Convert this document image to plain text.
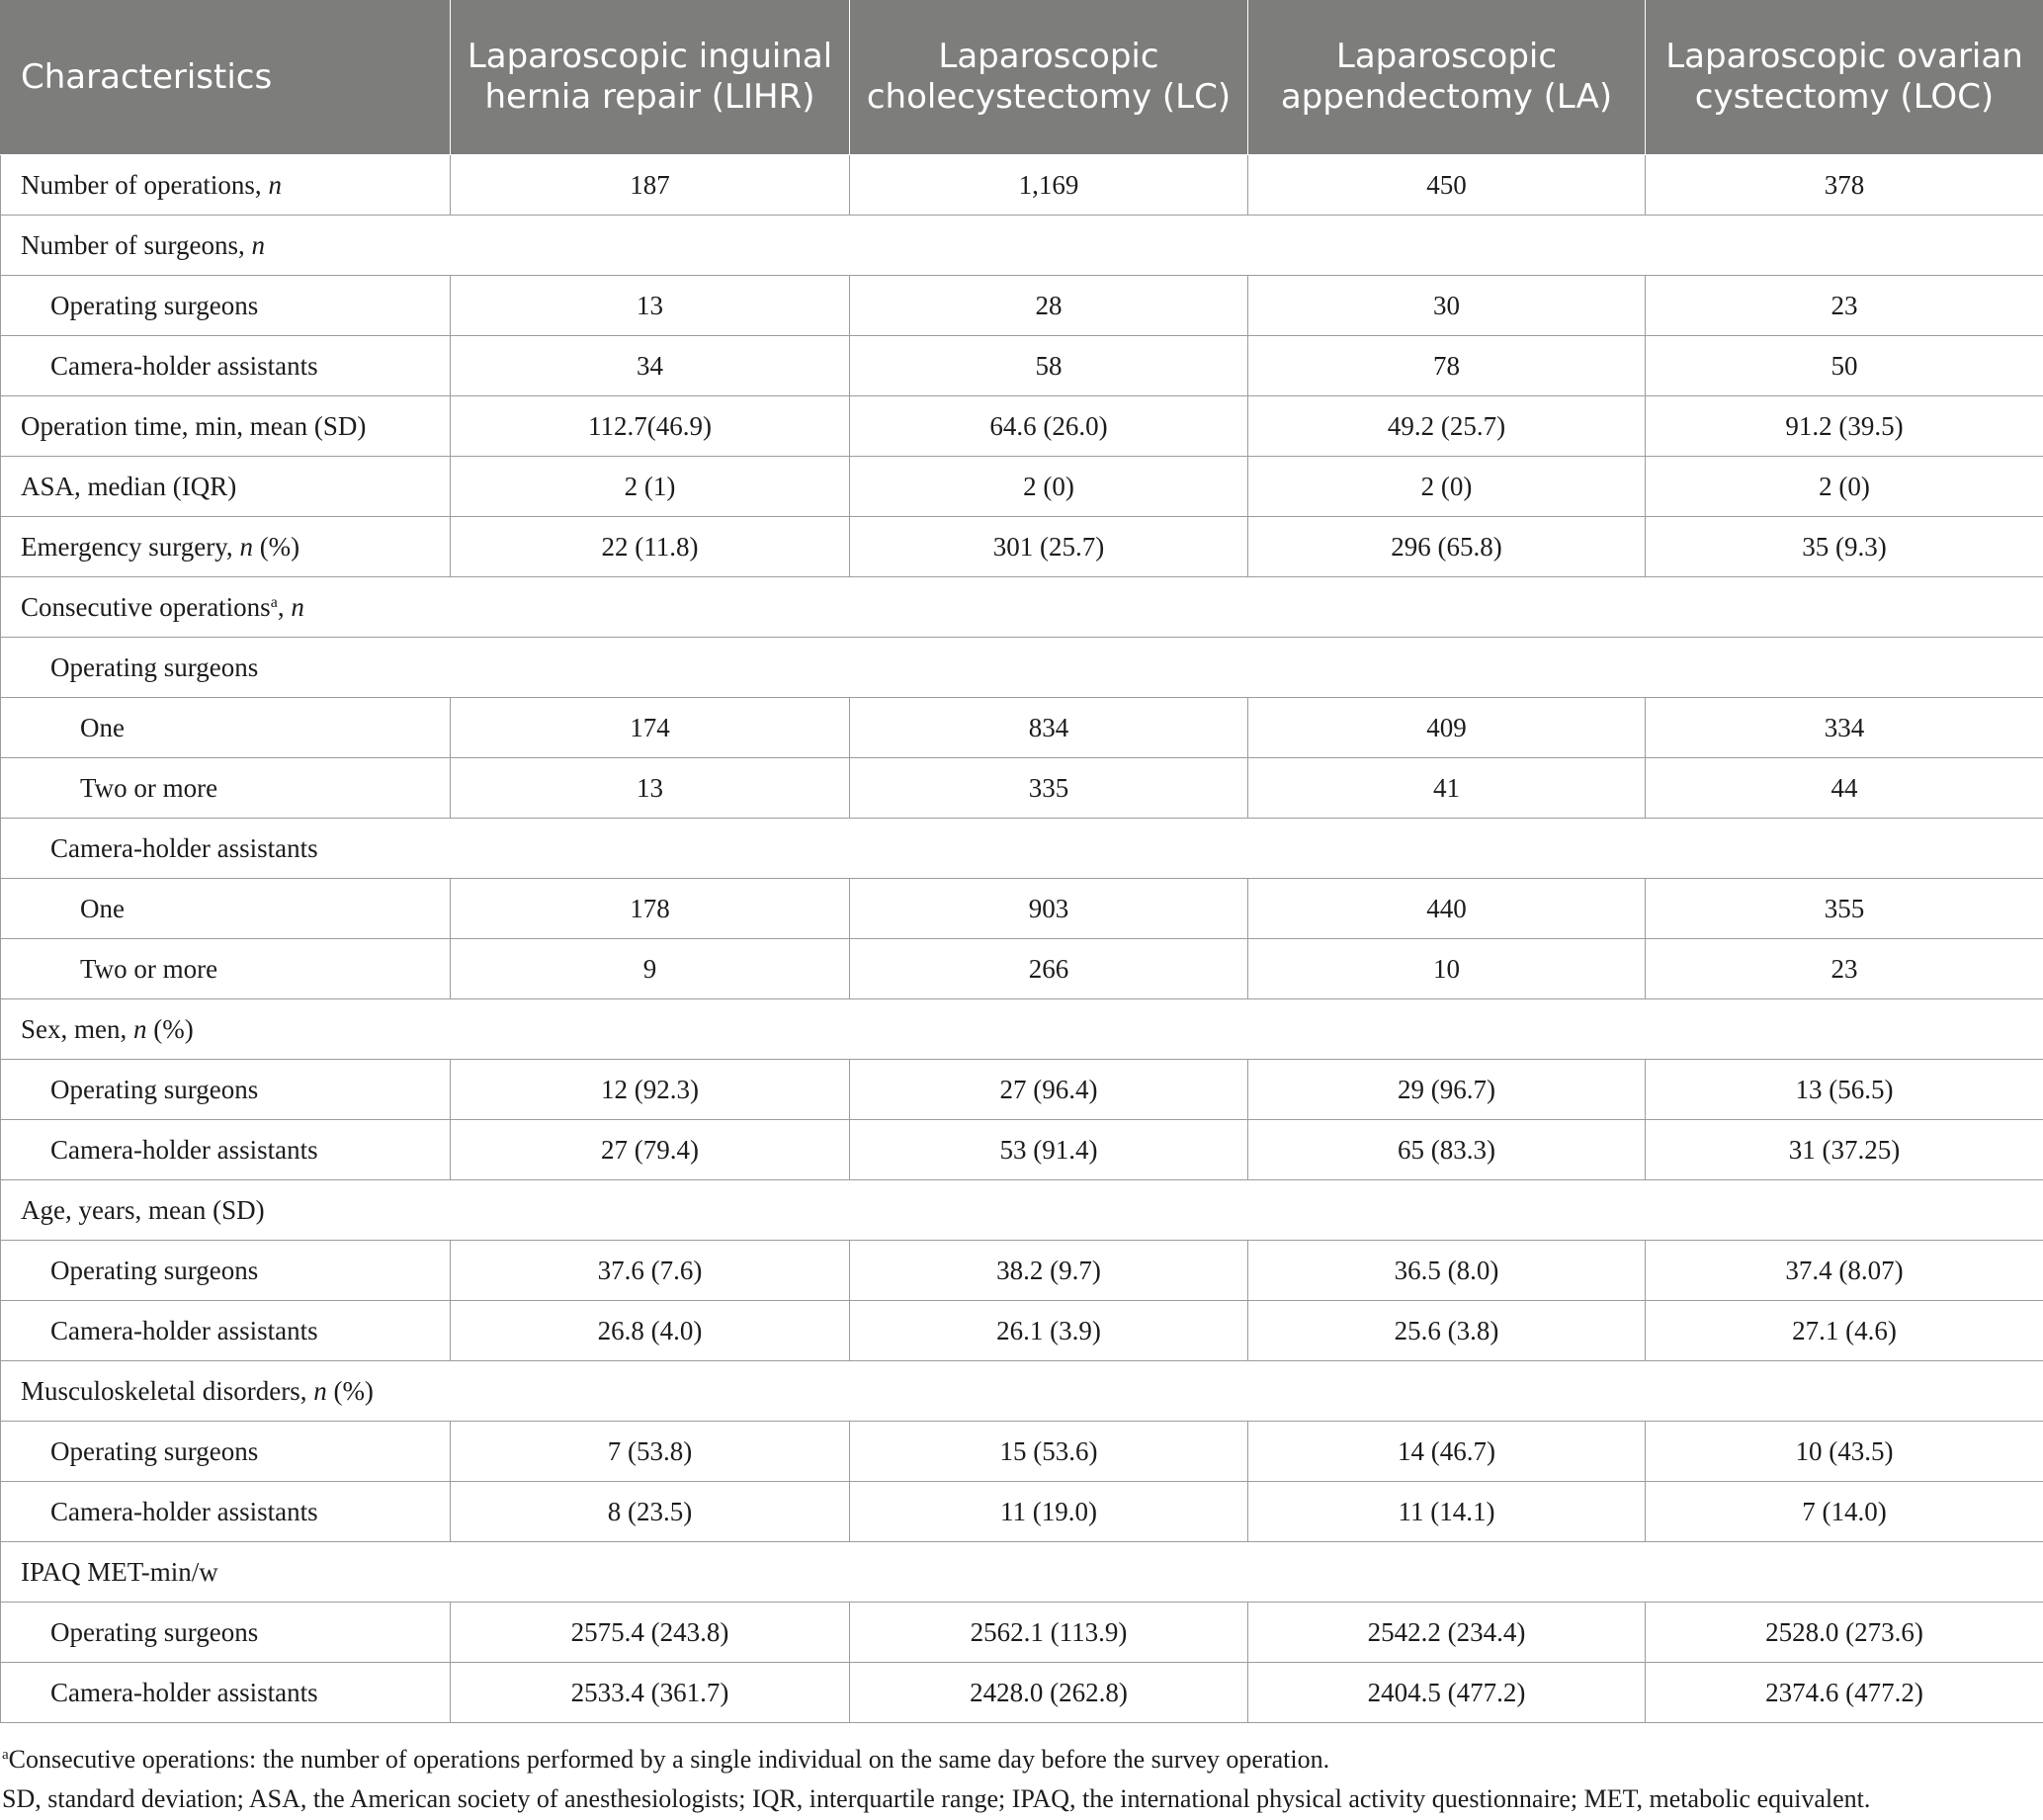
Characteristics	Laparoscopic inguinal hernia repair (LIHR)	Laparoscopic cholecystectomy (LC)	Laparoscopic appendectomy (LA)	Laparoscopic ovarian cystectomy (LOC)
Number of operations, n	187	1,169	450	378
Number of surgeons, n				
Operating surgeons	13	28	30	23
Camera-holder assistants	34	58	78	50
Operation time, min, mean (SD)	112.7(46.9)	64.6 (26.0)	49.2 (25.7)	91.2 (39.5)
ASA, median (IQR)	2 (1)	2 (0)	2 (0)	2 (0)
Emergency surgery, n (%)	22 (11.8)	301 (25.7)	296 (65.8)	35 (9.3)
Consecutive operations$^a$, n				
Operating surgeons				
One	174	834	409	334
Two or more	13	335	41	44
Camera-holder assistants				
One	178	903	440	355
Two or more	9	266	10	23
Sex, men, n (%)				
Operating surgeons	12 (92.3)	27 (96.4)	29 (96.7)	13 (56.5)
Camera-holder assistants	27 (79.4)	53 (91.4)	65 (83.3)	31 (37.25)
Age, years, mean (SD)				
Operating surgeons	37.6 (7.6)	38.2 (9.7)	36.5 (8.0)	37.4 (8.07)
Camera-holder assistants	26.8 (4.0)	26.1 (3.9)	25.6 (3.8)	27.1 (4.6)
Musculoskeletal disorders, n (%)				
Operating surgeons	7 (53.8)	15 (53.6)	14 (46.7)	10 (43.5)
Camera-holder assistants	8 (23.5)	11 (19.0)	11 (14.1)	7 (14.0)
IPAQ MET-min/w				
Operating surgeons	2575.4 (243.8)	2562.1 (113.9)	2542.2 (234.4)	2528.0 (273.6)
Camera-holder assistants	2533.4 (361.7)	2428.0 (262.8)	2404.5 (477.2)	2374.6 (477.2)

$^a$Consecutive operations: the number of operations performed by a single individual on the same day before the survey operation.

SD, standard deviation; ASA, the American society of anesthesiologists; IQR, interquartile range; IPAQ, the international physical activity questionnaire; MET, metabolic equivalent.
